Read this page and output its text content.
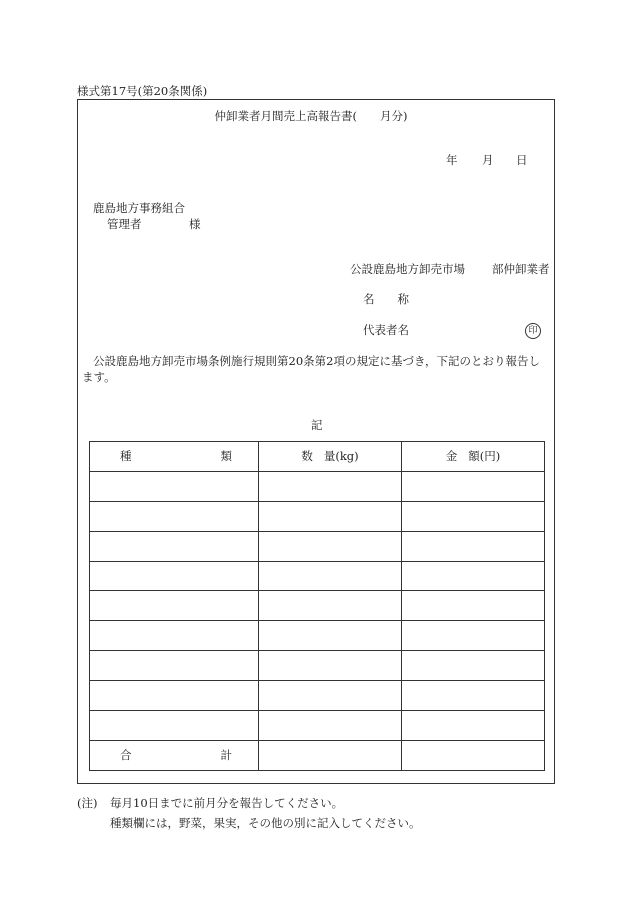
様式第17号(第20条関係)
仲卸業者月間売上高報告書(　　月分)
年 月 日
鹿島地方事務組合
管理者	様
公設鹿島地方卸売市場 部仲卸業者
名　　称
代表者名	印
公設鹿島地方卸売市場条例施行規則第20条第2項の規定に基づき，下記のとおり報告し
ます。
記
種 類	数 量(kg)	金 額(円)

合 計		

(注) 毎月10日までに前月分を報告してください。
種類欄には，野菜，果実，その他の別に記入してください。
